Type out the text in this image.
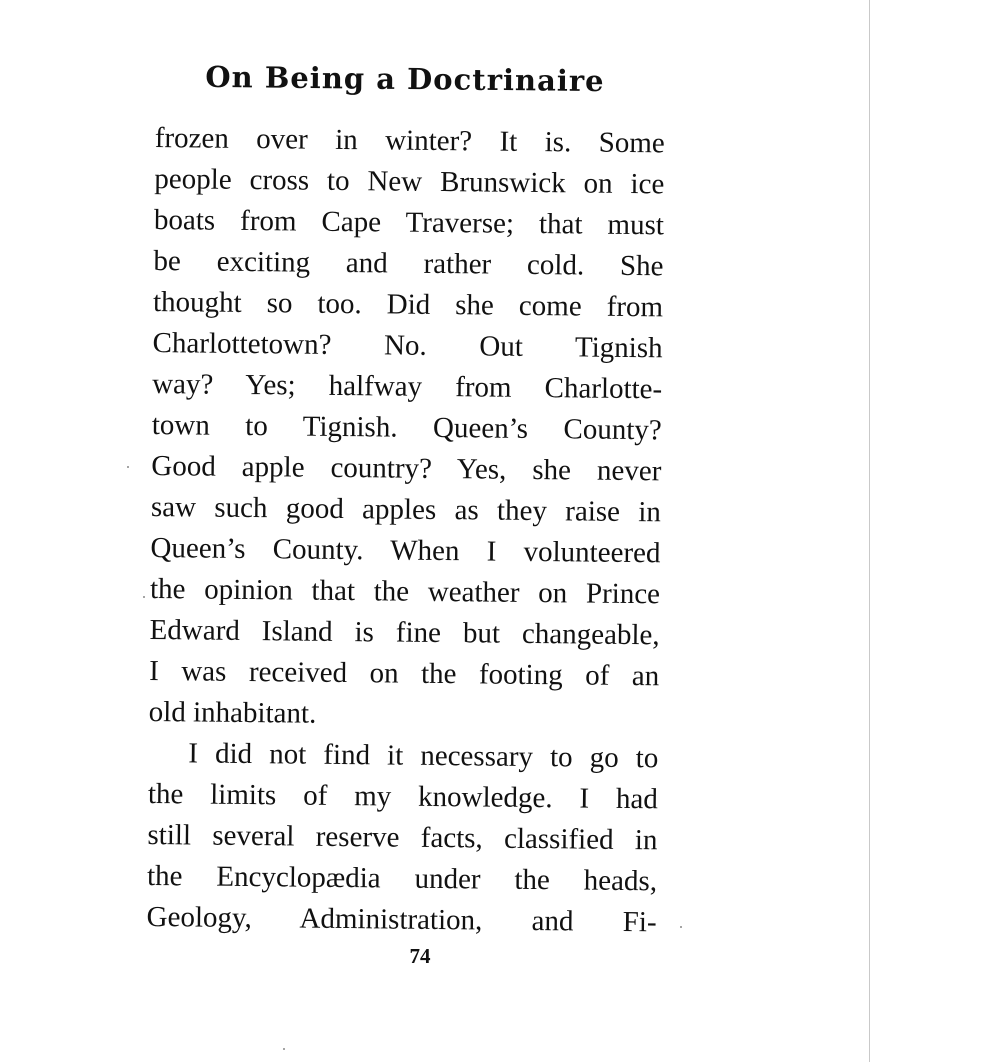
On Being a Doctrinaire
frozen over in winter? It is. Some
people cross to New Brunswick on ice
boats from Cape Traverse; that must
be exciting and rather cold. She
thought so too. Did she come from
Charlottetown? No. Out Tignish
way? Yes; halfway from Charlotte-
town to Tignish. Queen’s County?
Good apple country? Yes, she never
saw such good apples as they raise in
Queen’s County. When I volunteered
the opinion that the weather on Prince
Edward Island is fine but changeable,
I was received on the footing of an
old inhabitant.
I did not find it necessary to go to
the limits of my knowledge. I had
still several reserve facts, classified in
the Encyclopædia under the heads,
Geology, Administration, and Fi-
74
